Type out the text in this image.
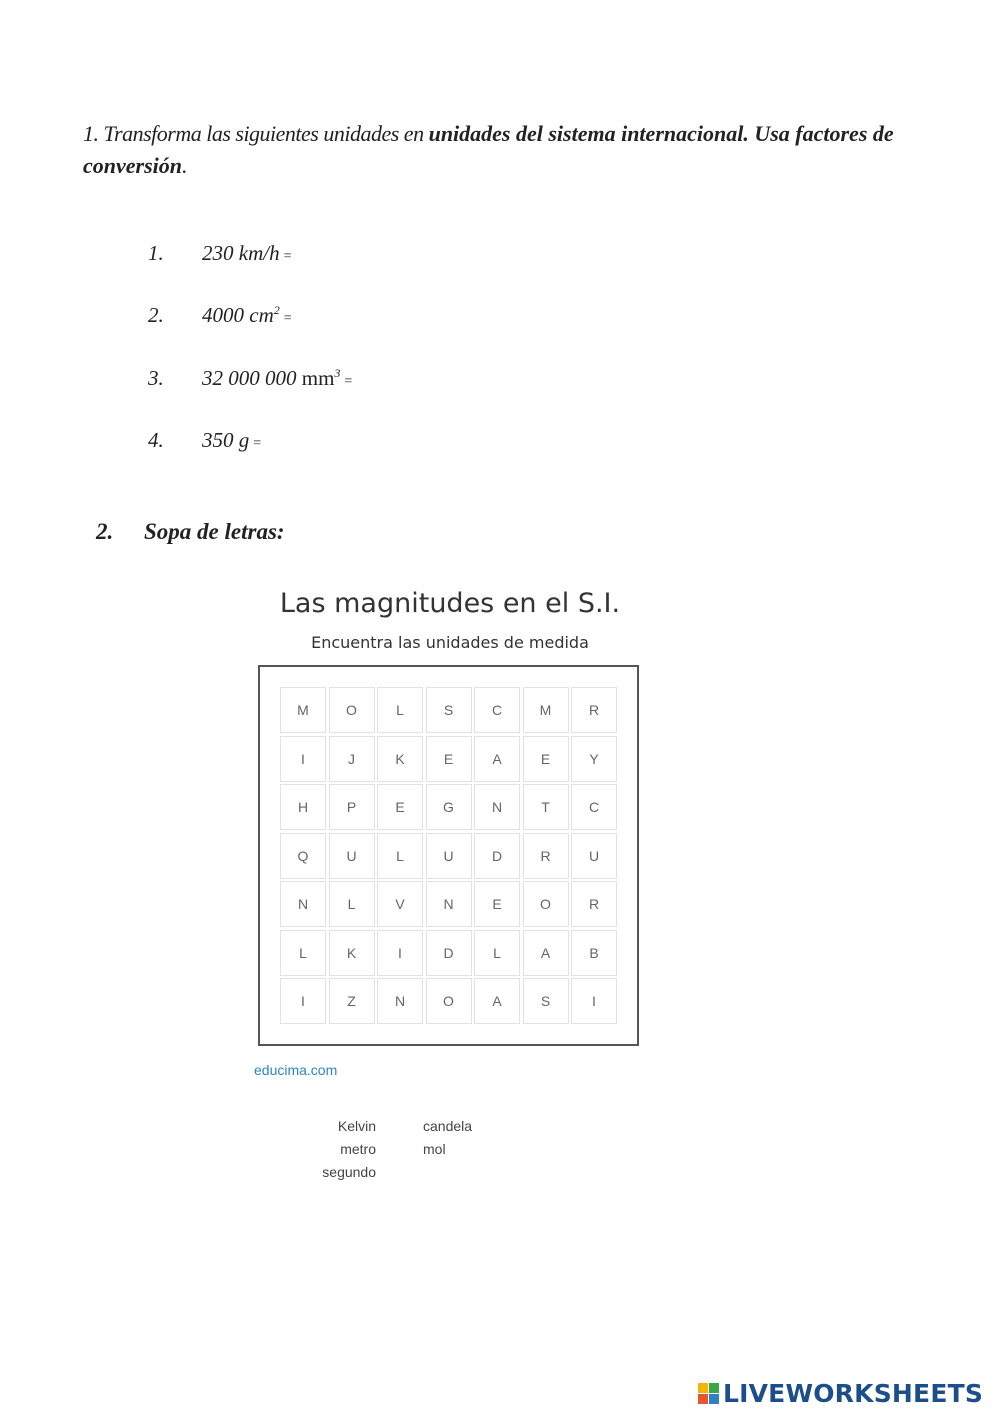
1. Transforma las siguientes unidades en unidades del sistema internacional. Usa factores de conversión.
1. 230 km/h =
2. 4000 $cm^2=$
3. 32 000 000 $mm^3=$
4. 350 g =
2. Sopa de letras:
Las magnitudes en el S.I.
Encuentra las unidades de medida
M	O	L	S	C	M	R
I	J	K	E	A	E	Y
H	P	E	G	N	T	C
Q	U	L	U	D	R	U
N	L	V	N	E	O	R
L	K	I	D	L	A	B
I	Z	N	O	A	S	I
educima.com
Kelvin
metro
segundo
candela
mol
LIVEWORKSHEETS
